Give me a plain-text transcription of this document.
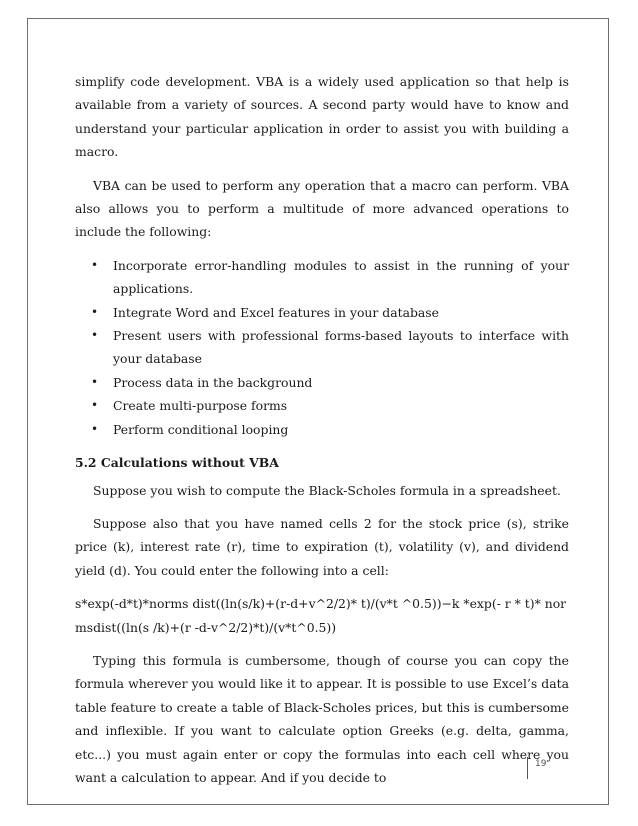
simplify code development. VBA is a widely used application so that help is available from a variety of sources. A second party would have to know and understand your particular application in order to assist you with building a macro.

VBA can be used to perform any operation that a macro can perform. VBA also allows you to perform a multitude of more advanced operations to include the following:

• Incorporate error-handling modules to assist in the running of your applications.
• Integrate Word and Excel features in your database
• Present users with professional forms-based layouts to interface with your database
• Process data in the background
• Create multi-purpose forms
• Perform conditional looping
5.2 Calculations without VBA

Suppose you wish to compute the Black-Scholes formula in a spreadsheet.

Suppose also that you have named cells 2 for the stock price (s), strike price (k), interest rate (r), time to expiration (t), volatility (v), and dividend yield (d). You could enter the following into a cell:

s*exp(-d*t)*norms dist((ln(s/k)+(r-d+v^2/2)* t)/(v*t ^0.5))−k *exp(- r * t)* normsdist((ln(s /k)+(r -d-v^2/2)*t)/(v*t^0.5))

Typing this formula is cumbersome, though of course you can copy the formula wherever you would like it to appear. It is possible to use Excel’s data table feature to create a table of Black-Scholes prices, but this is cumbersome and inflexible. If you want to calculate option Greeks (e.g. delta, gamma, etc...) you must again enter or copy the formulas into each cell where you want a calculation to appear. And if you decide to

19
